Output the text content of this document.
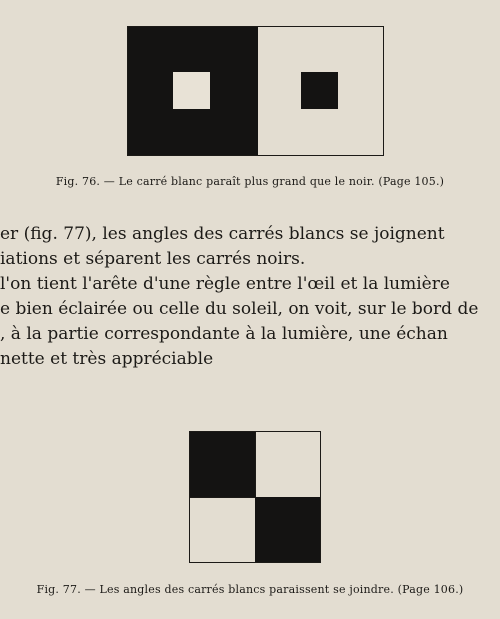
Fig. 76. — Le carré blanc paraît plus grand que le noir. (Page 105.)
er (fig. 77), les angles des carrés blancs se joignent
iations et séparent les carrés noirs.
l'on tient l'arête d'une règle entre l'œil et la lumière
e bien éclairée ou celle du soleil, on voit, sur le bord de
, à la partie correspondante à la lumière, une échan
nette et très appréciable
Fig. 77. — Les angles des carrés blancs paraissent se joindre. (Page 106.)
